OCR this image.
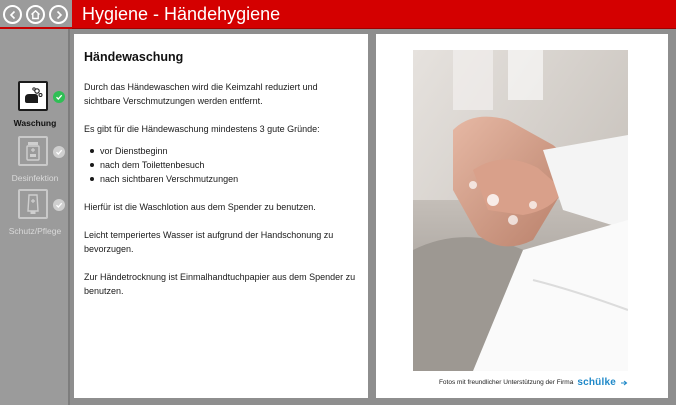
Hygiene - Händehygiene
Waschung
Desinfektion
Schutz/Pflege
Händewaschung

Durch das Händewaschen wird die Keimzahl reduziert und sichtbare Verschmutzungen werden entfernt.

Es gibt für die Händewaschung mindestens 3 gute Gründe:

vor Dienstbeginn
nach dem Toilettenbesuch
nach sichtbaren Verschmutzungen

Hierfür ist die Waschlotion aus dem Spender zu benutzen.

Leicht temperiertes Wasser ist aufgrund der Handschonung zu bevorzugen.

Zur Händetrocknung ist Einmalhandtuchpapier aus dem Spender zu benutzen.

Fotos mit freundlicher Unterstützung der Firma schülke
